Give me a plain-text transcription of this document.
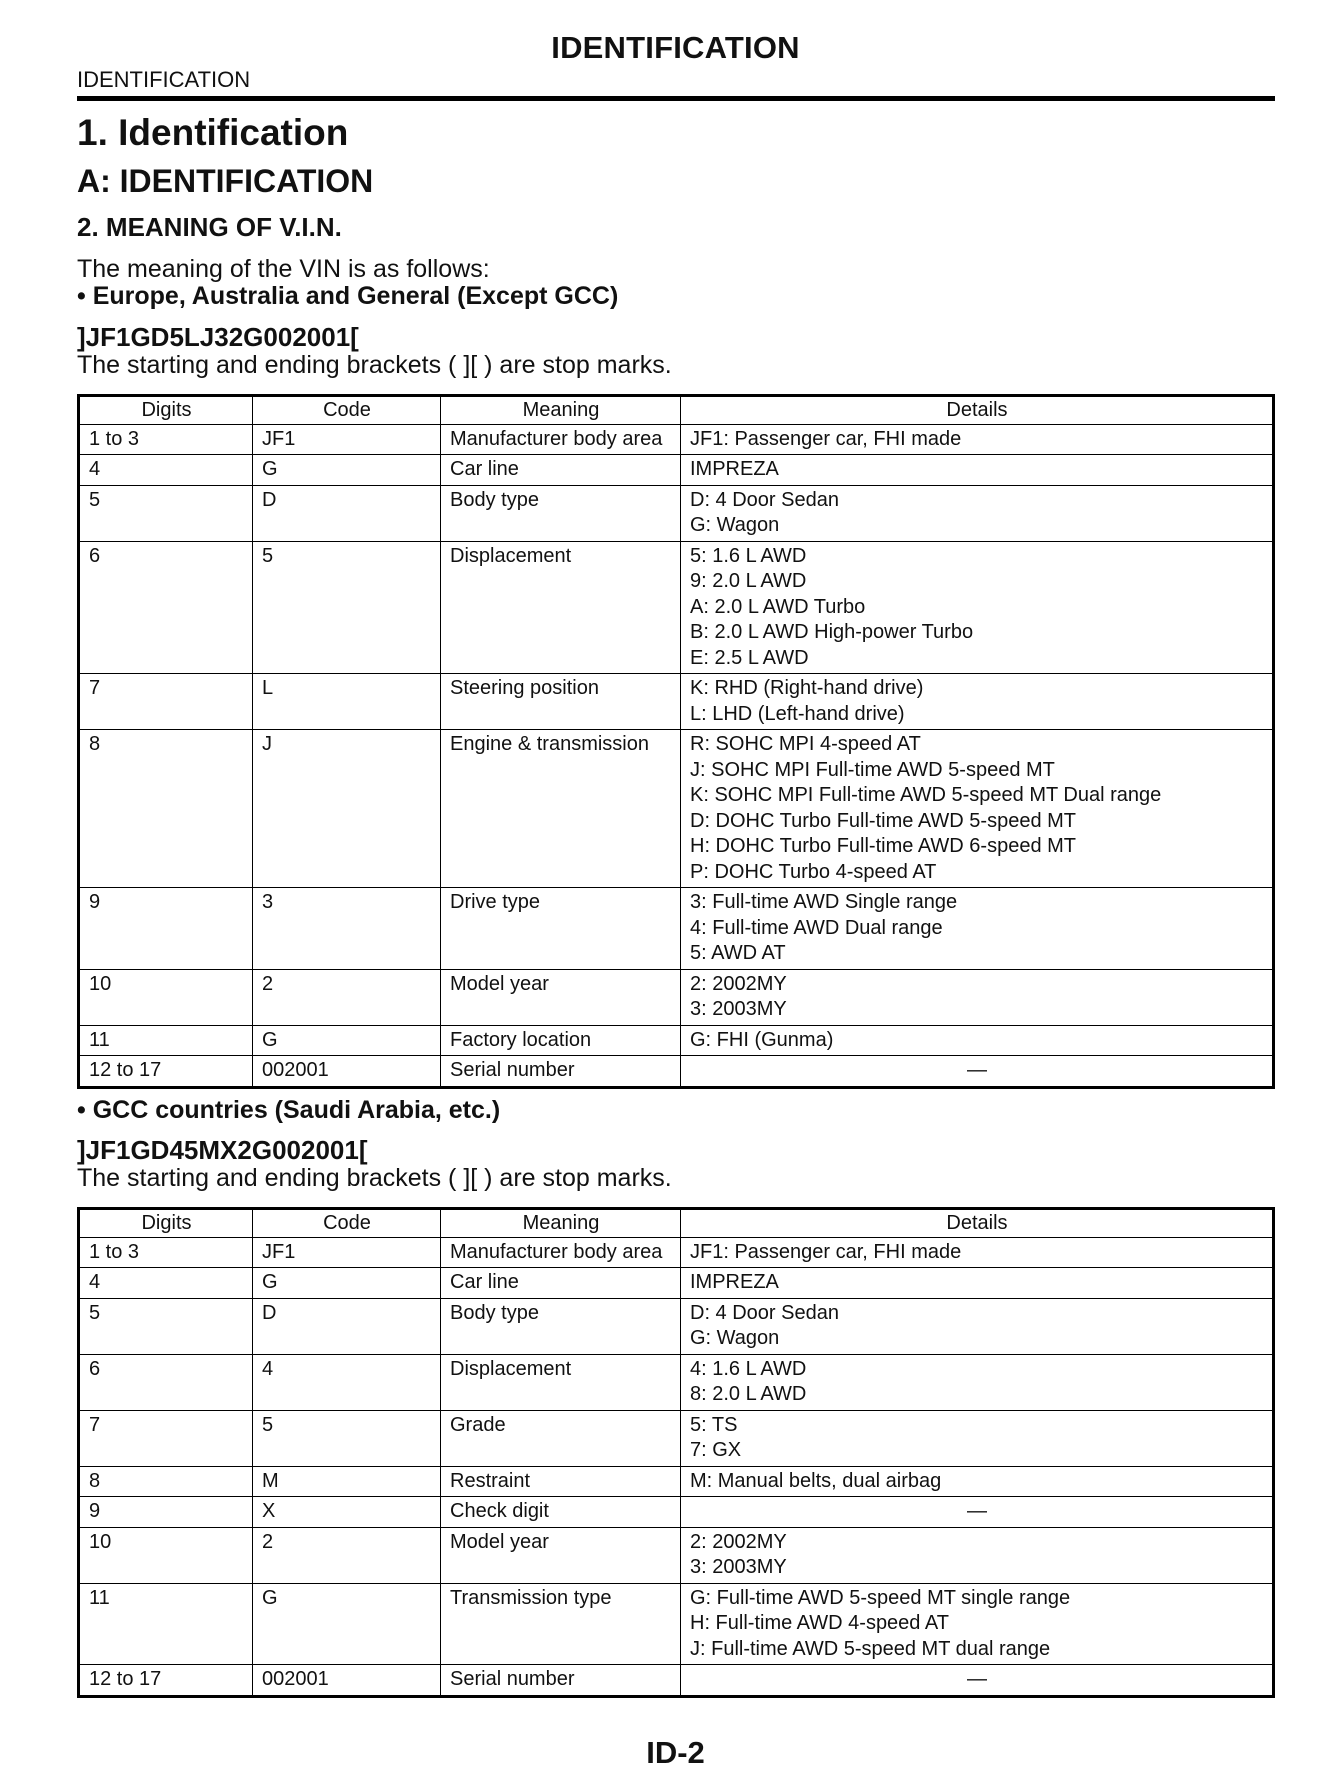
IDENTIFICATION
IDENTIFICATION
1. Identification
A: IDENTIFICATION
2. MEANING OF V.I.N.
The meaning of the VIN is as follows:
• Europe, Australia and General (Except GCC)
]JF1GD5LJ32G002001[
The starting and ending brackets ( ][ ) are stop marks.
Digits	Code	Meaning	Details
1 to 3	JF1	Manufacturer body area	JF1: Passenger car, FHI made

4	G	Car line	IMPREZA

5	D	Body type	D: 4 Door Sedan
G: Wagon

6	5	Displacement	5: 1.6 L AWD
9: 2.0 L AWD
A: 2.0 L AWD Turbo
B: 2.0 L AWD High-power Turbo
E: 2.5 L AWD

7	L	Steering position	K: RHD (Right-hand drive)
L: LHD (Left-hand drive)

8	J	Engine & transmission	R: SOHC MPI 4-speed AT
J: SOHC MPI Full-time AWD 5-speed MT
K: SOHC MPI Full-time AWD 5-speed MT Dual range
D: DOHC Turbo Full-time AWD 5-speed MT
H: DOHC Turbo Full-time AWD 6-speed MT
P: DOHC Turbo 4-speed AT

9	3	Drive type	3: Full-time AWD Single range
4: Full-time AWD Dual range
5: AWD AT

10	2	Model year	2: 2002MY
3: 2003MY

11	G	Factory location	G: FHI (Gunma)

12 to 17	002001	Serial number	—
• GCC countries (Saudi Arabia, etc.)
]JF1GD45MX2G002001[
The starting and ending brackets ( ][ ) are stop marks.
Digits	Code	Meaning	Details
1 to 3	JF1	Manufacturer body area	JF1: Passenger car, FHI made

4	G	Car line	IMPREZA

5	D	Body type	D: 4 Door Sedan
G: Wagon

6	4	Displacement	4: 1.6 L AWD
8: 2.0 L AWD

7	5	Grade	5: TS
7: GX

8	M	Restraint	M: Manual belts, dual airbag

9	X	Check digit	—

10	2	Model year	2: 2002MY
3: 2003MY

11	G	Transmission type	G: Full-time AWD 5-speed MT single range
H: Full-time AWD 4-speed AT
J: Full-time AWD 5-speed MT dual range

12 to 17	002001	Serial number	—
ID-2
